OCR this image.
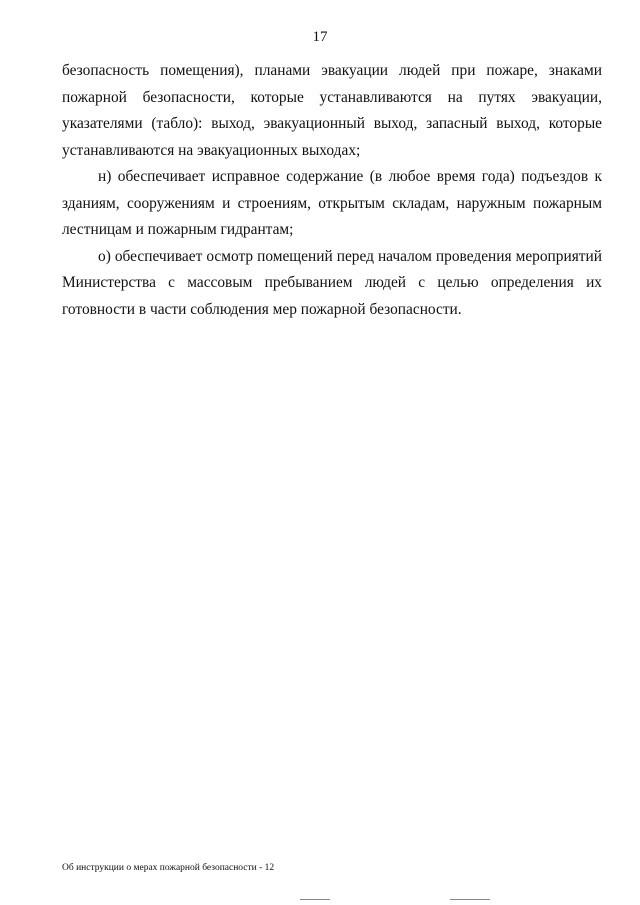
17

безопасность помещения), планами эвакуации людей при пожаре, знаками пожарной безопасности, которые устанавливаются на путях эвакуации, указателями (табло): выход, эвакуационный выход, запасный выход, которые устанавливаются на эвакуационных выходах;

н) обеспечивает исправное содержание (в любое время года) подъездов к зданиям, сооружениям и строениям, открытым складам, наружным пожарным лестницам и пожарным гидрантам;

о) обеспечивает осмотр помещений перед началом проведения мероприятий Министерства с массовым пребыванием людей с целью определения их готовности в части соблюдения мер пожарной безопасности.

Об инструкции о мерах пожарной безопасности - 12
